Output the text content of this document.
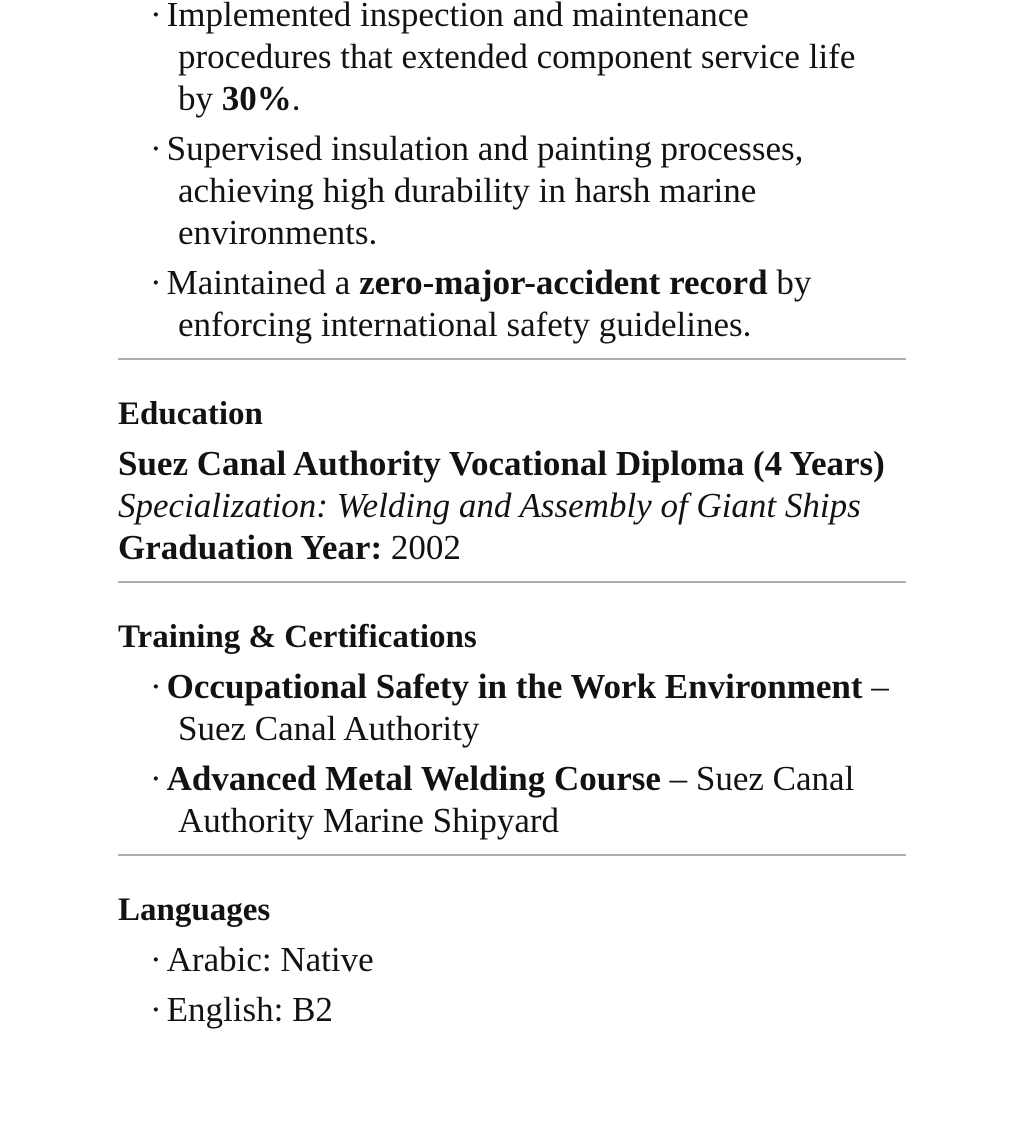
· Implemented inspection and maintenance
procedures that extended component service life
by 30%.
· Supervised insulation and painting processes,
achieving high durability in harsh marine
environments.
· Maintained a zero-major-accident record by
enforcing international safety guidelines.
Education

Suez Canal Authority Vocational Diploma (4 Years)
Specialization: Welding and Assembly of Giant Ships
Graduation Year: 2002

Training & Certifications
· Occupational Safety in the Work Environment –
Suez Canal Authority
· Advanced Metal Welding Course – Suez Canal
Authority Marine Shipyard
Languages
· Arabic: Native
· English: B2
